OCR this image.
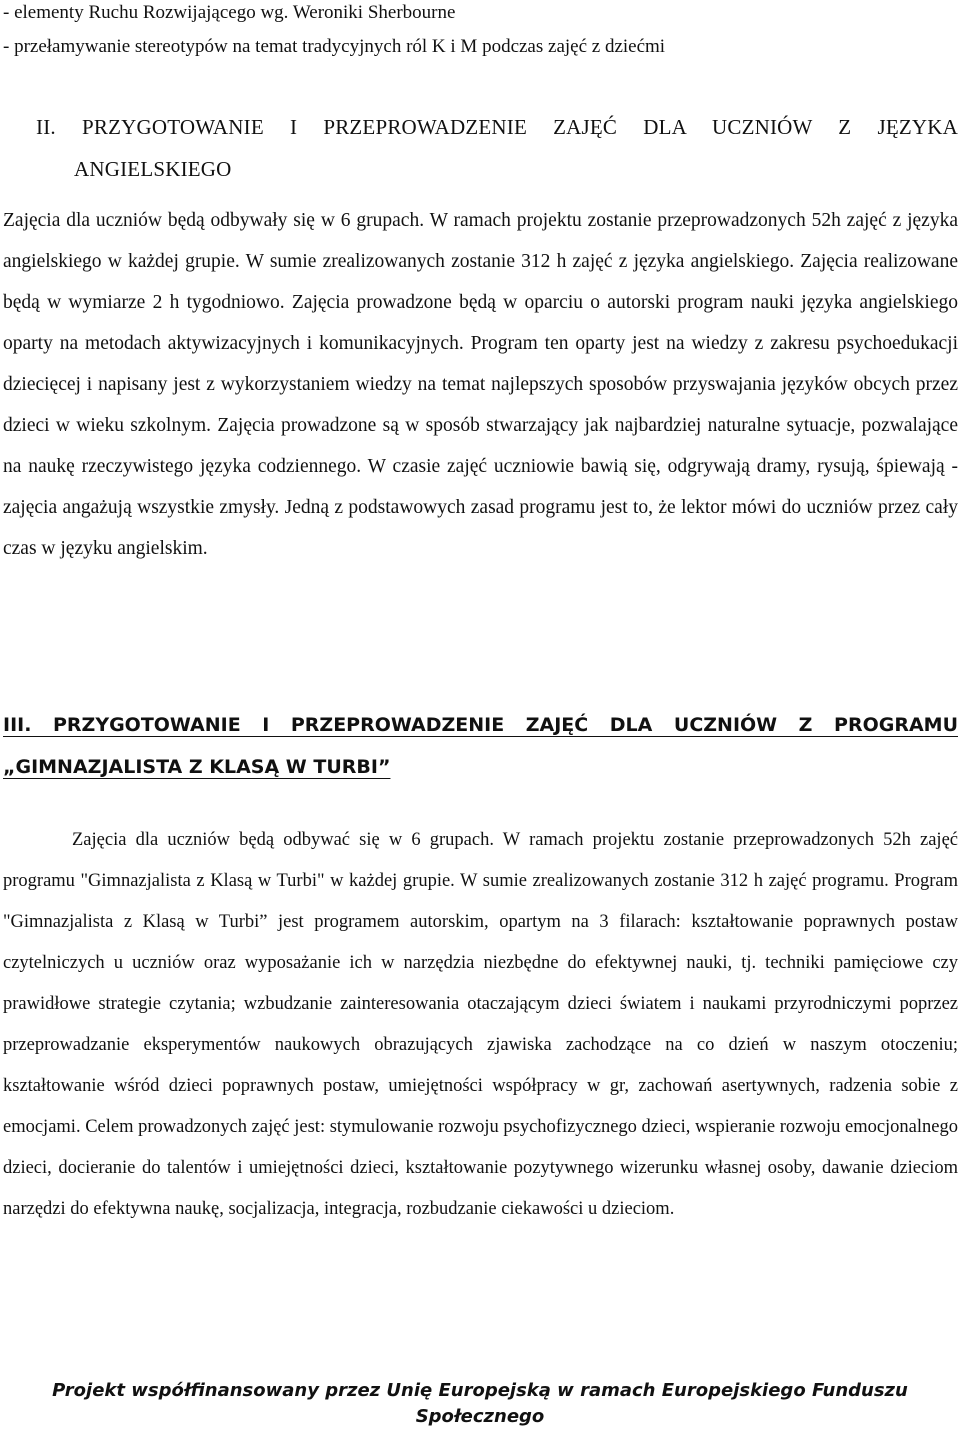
- elementy Ruchu Rozwijającego wg. Weroniki Sherbourne
- przełamywanie stereotypów na temat tradycyjnych ról K i M podczas zajęć z dziećmi
II. PRZYGOTOWANIE I PRZEPROWADZENIE ZAJĘĆ DLA UCZNIÓW Z JĘZYKA
ANGIELSKIEGO
Zajęcia dla uczniów będą odbywały się w 6 grupach. W ramach projektu zostanie przeprowadzonych 52h zajęć z języka angielskiego w każdej grupie. W sumie zrealizowanych zostanie 312 h zajęć z języka angielskiego. Zajęcia realizowane będą w wymiarze 2 h tygodniowo. Zajęcia prowadzone będą w oparciu o autorski program nauki języka angielskiego oparty na metodach aktywizacyjnych i komunikacyjnych. Program ten oparty jest na wiedzy z zakresu psychoedukacji dziecięcej i napisany jest z wykorzystaniem wiedzy na temat najlepszych sposobów przyswajania języków obcych przez dzieci w wieku szkolnym. Zajęcia prowadzone są w sposób stwarzający jak najbardziej naturalne sytuacje, pozwalające na naukę rzeczywistego języka codziennego. W czasie zajęć uczniowie bawią się, odgrywają dramy, rysują, śpiewają - zajęcia angażują wszystkie zmysły. Jedną z podstawowych zasad programu jest to, że lektor mówi do uczniów przez cały czas w języku angielskim.
III. PRZYGOTOWANIE I PRZEPROWADZENIE ZAJĘĆ DLA UCZNIÓW Z PROGRAMU
„GIMNAZJALISTA Z KLASĄ W TURBI”
Zajęcia dla uczniów będą odbywać się w 6 grupach. W ramach projektu zostanie przeprowadzonych 52h zajęć programu "Gimnazjalista z Klasą w Turbi" w każdej grupie. W sumie zrealizowanych zostanie 312 h zajęć programu. Program "Gimnazjalista z Klasą w Turbi” jest programem autorskim, opartym na 3 filarach: kształtowanie poprawnych postaw czytelniczych u uczniów oraz wyposażanie ich w narzędzia niezbędne do efektywnej nauki, tj. techniki pamięciowe czy prawidłowe strategie czytania; wzbudzanie zainteresowania otaczającym dzieci światem i naukami przyrodniczymi poprzez przeprowadzanie eksperymentów naukowych obrazujących zjawiska zachodzące na co dzień w naszym otoczeniu; kształtowanie wśród dzieci poprawnych postaw, umiejętności współpracy w gr, zachowań asertywnych, radzenia sobie z emocjami. Celem prowadzonych zajęć jest: stymulowanie rozwoju psychofizycznego dzieci, wspieranie rozwoju emocjonalnego dzieci, docieranie do talentów i umiejętności dzieci, kształtowanie pozytywnego wizerunku własnej osoby, dawanie dzieciom narzędzi do efektywna naukę, socjalizacja, integracja, rozbudzanie ciekawości u dzieciom.
Projekt współfinansowany przez Unię Europejską w ramach Europejskiego Funduszu
Społecznego
